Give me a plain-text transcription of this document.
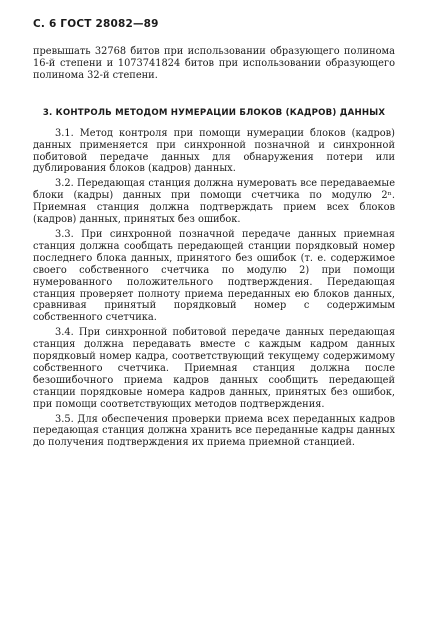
С. 6 ГОСТ 28082—89

превышать 32768 битов при использовании образующего полинома 16-й степени и 1073741824 битов при использовании образующего полинома 32-й степени.

3. КОНТРОЛЬ МЕТОДОМ НУМЕРАЦИИ БЛОКОВ (КАДРОВ) ДАННЫХ

3.1. Метод контроля при помощи нумерации блоков (кадров) данных применяется при синхронной позначной и синхронной побитовой передаче данных для обнаружения потери или дублирования блоков (кадров) данных.

3.2. Передающая станция должна нумеровать все передаваемые блоки (кадры) данных при помощи счетчика по модулю 2ⁿ. Приемная станция должна подтверждать прием всех блоков (кадров) данных, принятых без ошибок.

3.3. При синхронной позначной передаче данных приемная станция должна сообщать передающей станции порядковый номер последнего блока данных, принятого без ошибок (т. е. содержимое своего собственного счетчика по модулю 2) при помощи нумерованного положительного подтверждения. Передающая станция проверяет полноту приема переданных ею блоков данных, сравнивая принятый порядковый номер с содержимым собственного счетчика.

3.4. При синхронной побитовой передаче данных передающая станция должна передавать вместе с каждым кадром данных порядковый номер кадра, соответствующий текущему содержимому собственного счетчика. Приемная станция должна после безошибочного приема кадров данных сообщить передающей станции порядковые номера кадров данных, принятых без ошибок, при помощи соответствующих методов подтверждения.

3.5. Для обеспечения проверки приема всех переданных кадров передающая станция должна хранить все переданные кадры данных до получения подтверждения их приема приемной станцией.
